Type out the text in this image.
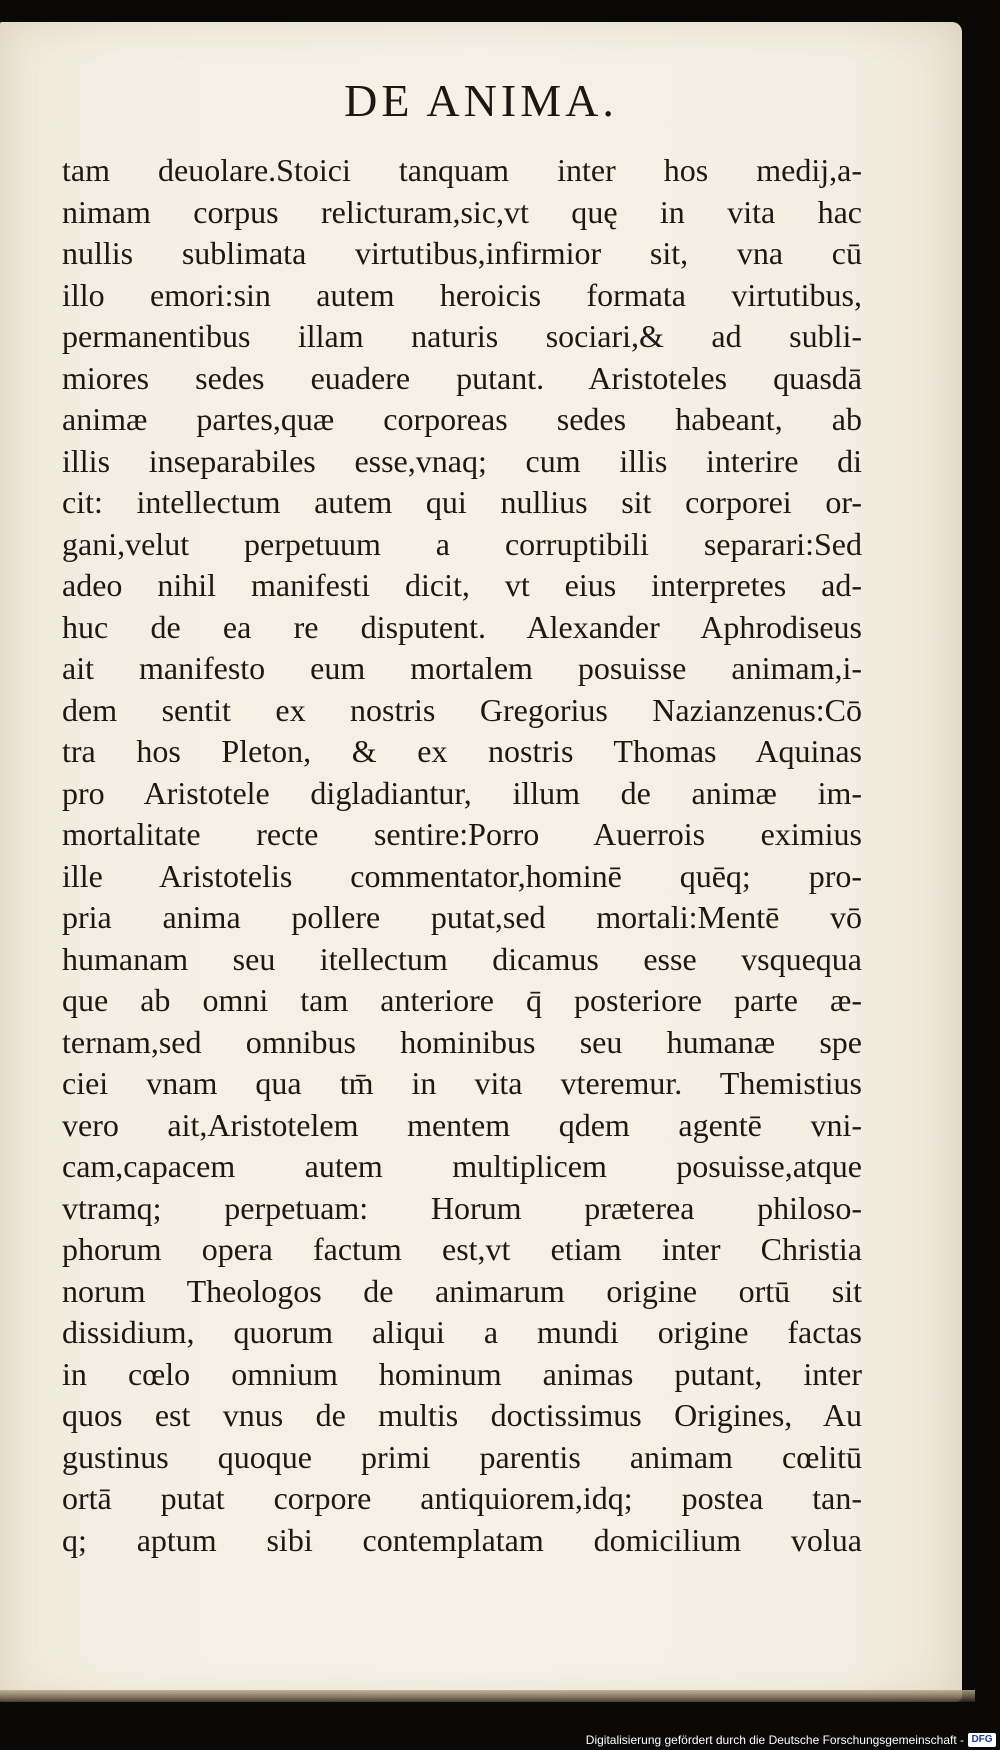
DE ANIMA.
tam deuolare.Stoici tanquam inter hos medij,a-
nimam corpus relicturam,sic,vt quę in vita hac
nullis sublimata virtutibus,infirmior sit, vna cū
illo emori:sin autem heroicis formata virtutibus,
permanentibus illam naturis sociari,& ad subli-
miores sedes euadere putant. Aristoteles quasdā
animæ partes,quæ corporeas sedes habeant, ab
illis inseparabiles esse,vnaq; cum illis interire di
cit: intellectum autem qui nullius sit corporei or-
gani,velut perpetuum a corruptibili separari:Sed
adeo nihil manifesti dicit, vt eius interpretes ad-
huc de ea re disputent. Alexander Aphrodiseus
ait manifesto eum mortalem posuisse animam,i-
dem sentit ex nostris Gregorius Nazianzenus:Cō
tra hos Pleton, & ex nostris Thomas Aquinas
pro Aristotele digladiantur, illum de animæ im-
mortalitate recte sentire:Porro Auerrois eximius
ille Aristotelis commentator,hominē quēq; pro-
pria anima pollere putat,sed mortali:Mentē vō
humanam seu itellectum dicamus esse vsquequa
que ab omni tam anteriore q̄ posteriore parte æ-
ternam,sed omnibus hominibus seu humanæ spe
ciei vnam qua tm̄ in vita vteremur. Themistius
vero ait,Aristotelem mentem qdem agentē vni-
cam,capacem autem multiplicem posuisse,atque
vtramq; perpetuam: Horum præterea philoso-
phorum opera factum est,vt etiam inter Christia
norum Theologos de animarum origine ortū sit
dissidium, quorum aliqui a mundi origine factas
in cœlo omnium hominum animas putant, inter
quos est vnus de multis doctissimus Origines, Au
gustinus quoque primi parentis animam cœlitū
ortā putat corpore antiquiorem,idq; postea tan-
q; aptum sibi contemplatam domicilium volua
Digitalisierung gefördert durch die Deutsche Forschungsgemeinschaft - DFG
